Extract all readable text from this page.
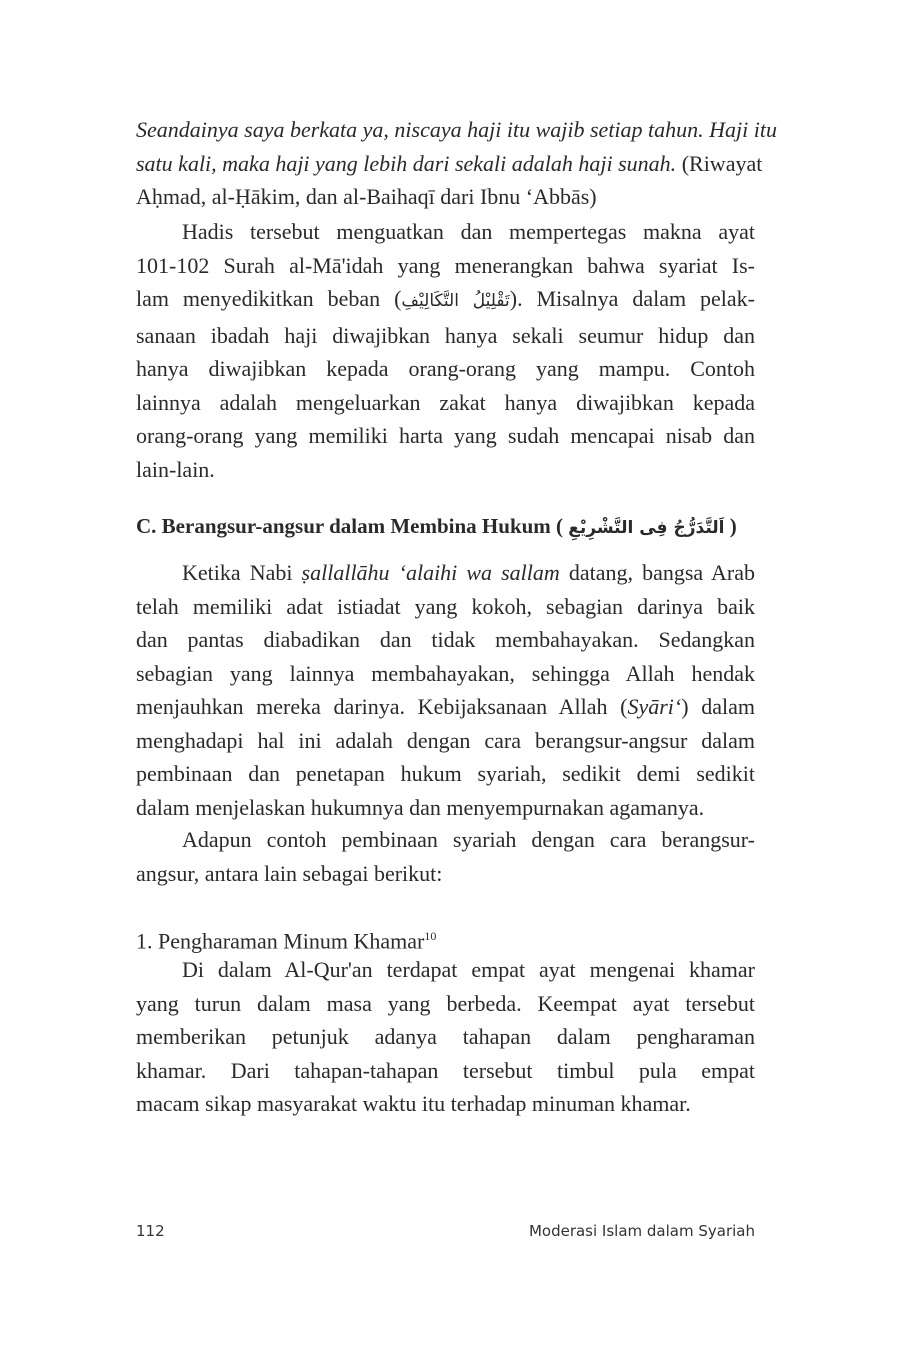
Seandainya saya berkata ya, niscaya haji itu wajib setiap tahun. Haji itu
satu kali, maka haji yang lebih dari sekali adalah haji sunah. (Riwayat
Aḥmad, al-Ḥākim, dan al-Baihaqī dari Ibnu ‘Abbās)
Hadis tersebut menguatkan dan mempertegas makna ayat
101-102 Surah al-Mā'idah yang menerangkan bahwa syariat Is-
lam menyedikitkan beban (تَقْلِيْلُ التَّكَالِيْفِ). Misalnya dalam pelak-
sanaan ibadah haji diwajibkan hanya sekali seumur hidup dan
hanya diwajibkan kepada orang-orang yang mampu. Contoh
lainnya adalah mengeluarkan zakat hanya diwajibkan kepada
orang-orang yang memiliki harta yang sudah mencapai nisab dan
lain-lain.
C. Berangsur-angsur dalam Membina Hukum ( اَلتَّدَرُّجُ فِى التَّشْرِيْعِ )
Ketika Nabi ṣallallāhu ‘alaihi wa sallam datang, bangsa Arab
telah memiliki adat istiadat yang kokoh, sebagian darinya baik
dan pantas diabadikan dan tidak membahayakan. Sedangkan
sebagian yang lainnya membahayakan, sehingga Allah hendak
menjauhkan mereka darinya. Kebijaksanaan Allah (Syāri‘) dalam
menghadapi hal ini adalah dengan cara berangsur-angsur dalam
pembinaan dan penetapan hukum syariah, sedikit demi sedikit
dalam menjelaskan hukumnya dan menyempurnakan agamanya.
Adapun contoh pembinaan syariah dengan cara berangsur-
angsur, antara lain sebagai berikut:
1. Pengharaman Minum Khamar$^{10}$
Di dalam Al-Qur'an terdapat empat ayat mengenai khamar
yang turun dalam masa yang berbeda. Keempat ayat tersebut
memberikan petunjuk adanya tahapan dalam pengharaman
khamar. Dari tahapan-tahapan tersebut timbul pula empat
macam sikap masyarakat waktu itu terhadap minuman khamar.
112	Moderasi Islam dalam Syariah
